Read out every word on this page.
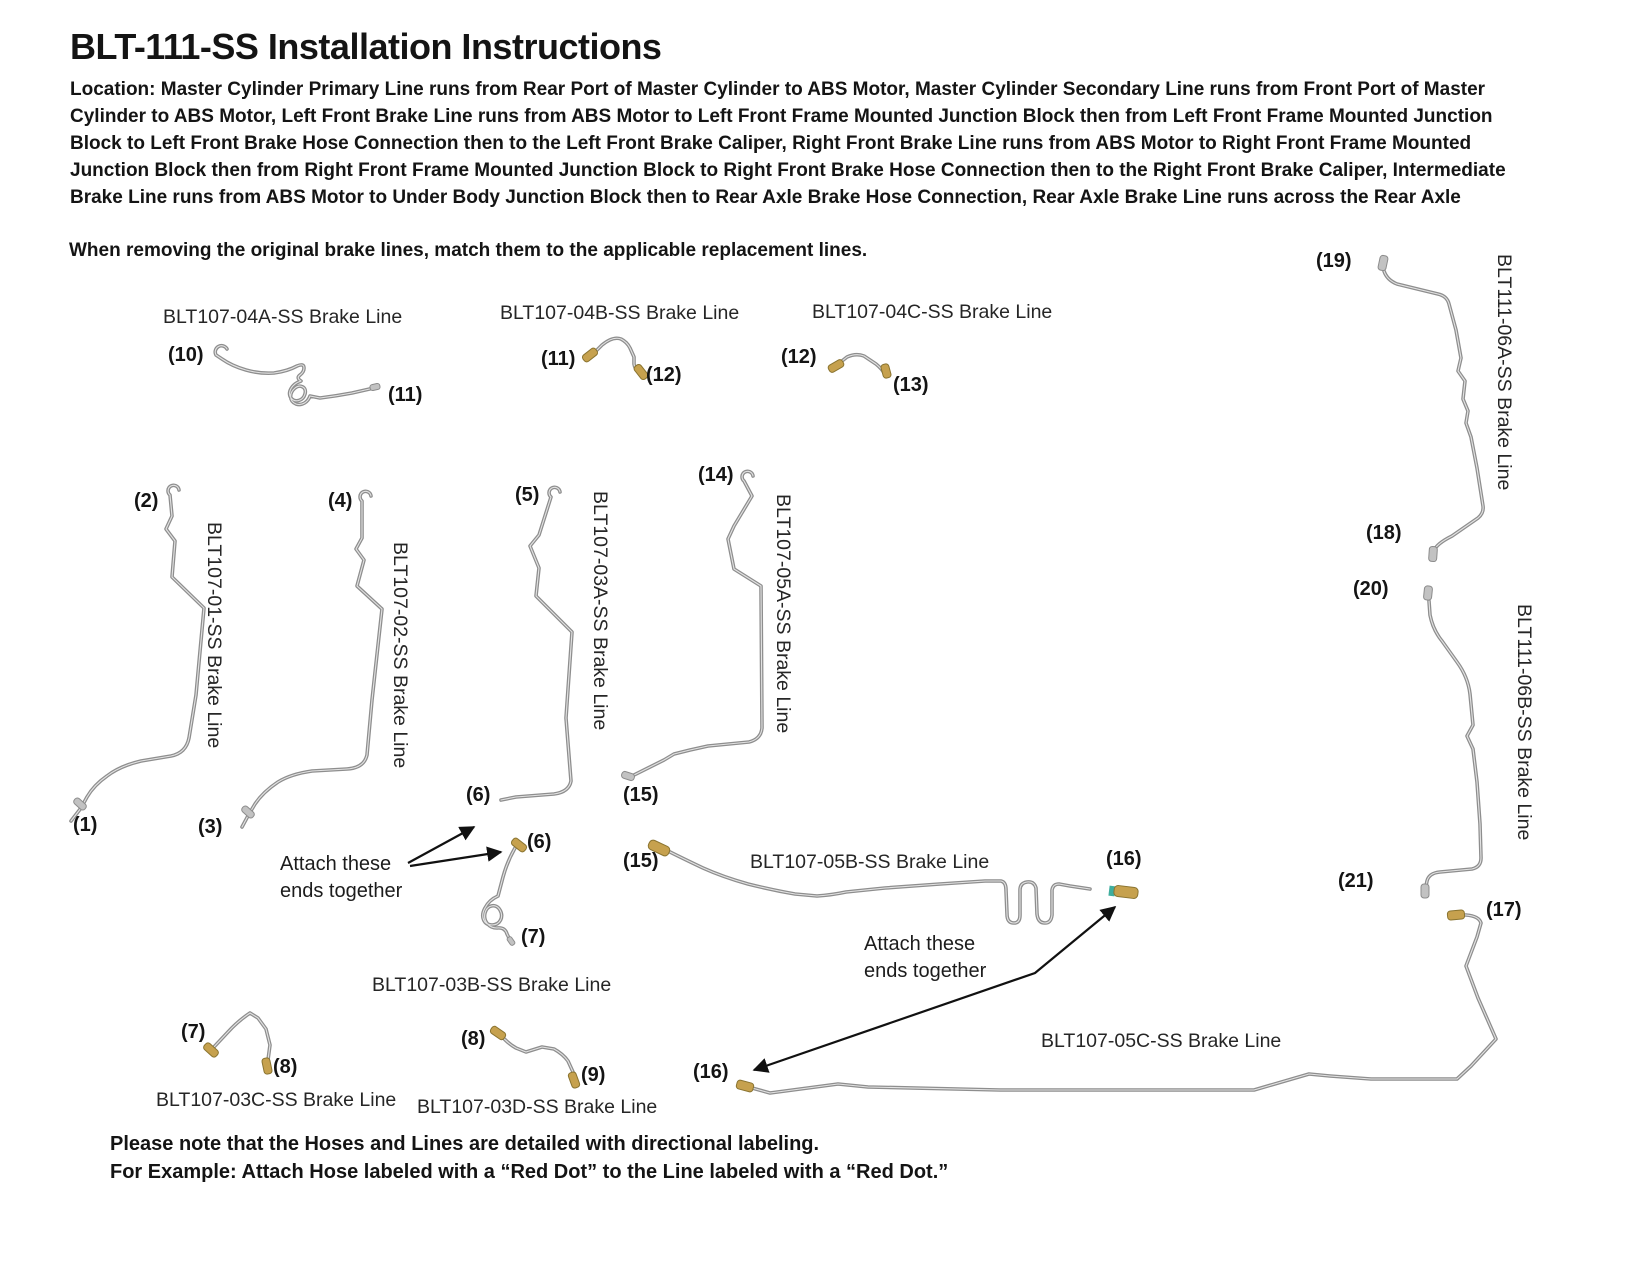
BLT-111-SS Installation Instructions
Location: Master Cylinder Primary Line runs from Rear Port of Master Cylinder to ABS Motor, Master Cylinder Secondary Line runs from Front Port of Master Cylinder to ABS Motor, Left Front Brake Line runs from ABS Motor to Left Front Frame Mounted Junction Block then from Left Front Frame Mounted Junction Block to Left Front Brake Hose Connection then to the Left Front Brake Caliper, Right Front Brake Line runs from ABS Motor to Right Front Frame Mounted Junction Block then from Right Front Frame Mounted Junction Block to Right Front Brake Hose Connection then to the Right Front Brake Caliper, Intermediate Brake Line runs from ABS Motor to Under Body Junction Block then to Rear Axle Brake Hose Connection, Rear Axle Brake Line runs across the Rear Axle
When removing the original brake lines, match them to the applicable replacement lines.
BLT107-04A-SS Brake Line	BLT107-04B-SS Brake Line	BLT107-04C-SS Brake Line
BLT107-01-SS Brake Line	BLT107-02-SS Brake Line	BLT107-03A-SS Brake Line	BLT107-05A-SS Brake Line
BLT111-06A-SS Brake Line
BLT111-06B-SS Brake Line
BLT107-05B-SS Brake Line
BLT107-03B-SS Brake Line
BLT107-03C-SS Brake Line BLT107-03D-SS Brake Line
BLT107-05C-SS Brake Line
(10)
(11)
(11)
(12)
(12)
(13)
(2)	(4)	(5)
(14)
(19)
(18)
(20)
(1)	(3)
(6)	(15)
(6)
(15)	(16)
(7)
(7)
(8)
(8)
(9)	(16)
(21)
(17)
Attach these
ends together
Attach these
ends together
Please note that the Hoses and Lines are detailed with directional labeling.
For Example: Attach Hose labeled with a “Red Dot” to the Line labeled with a “Red Dot.”
